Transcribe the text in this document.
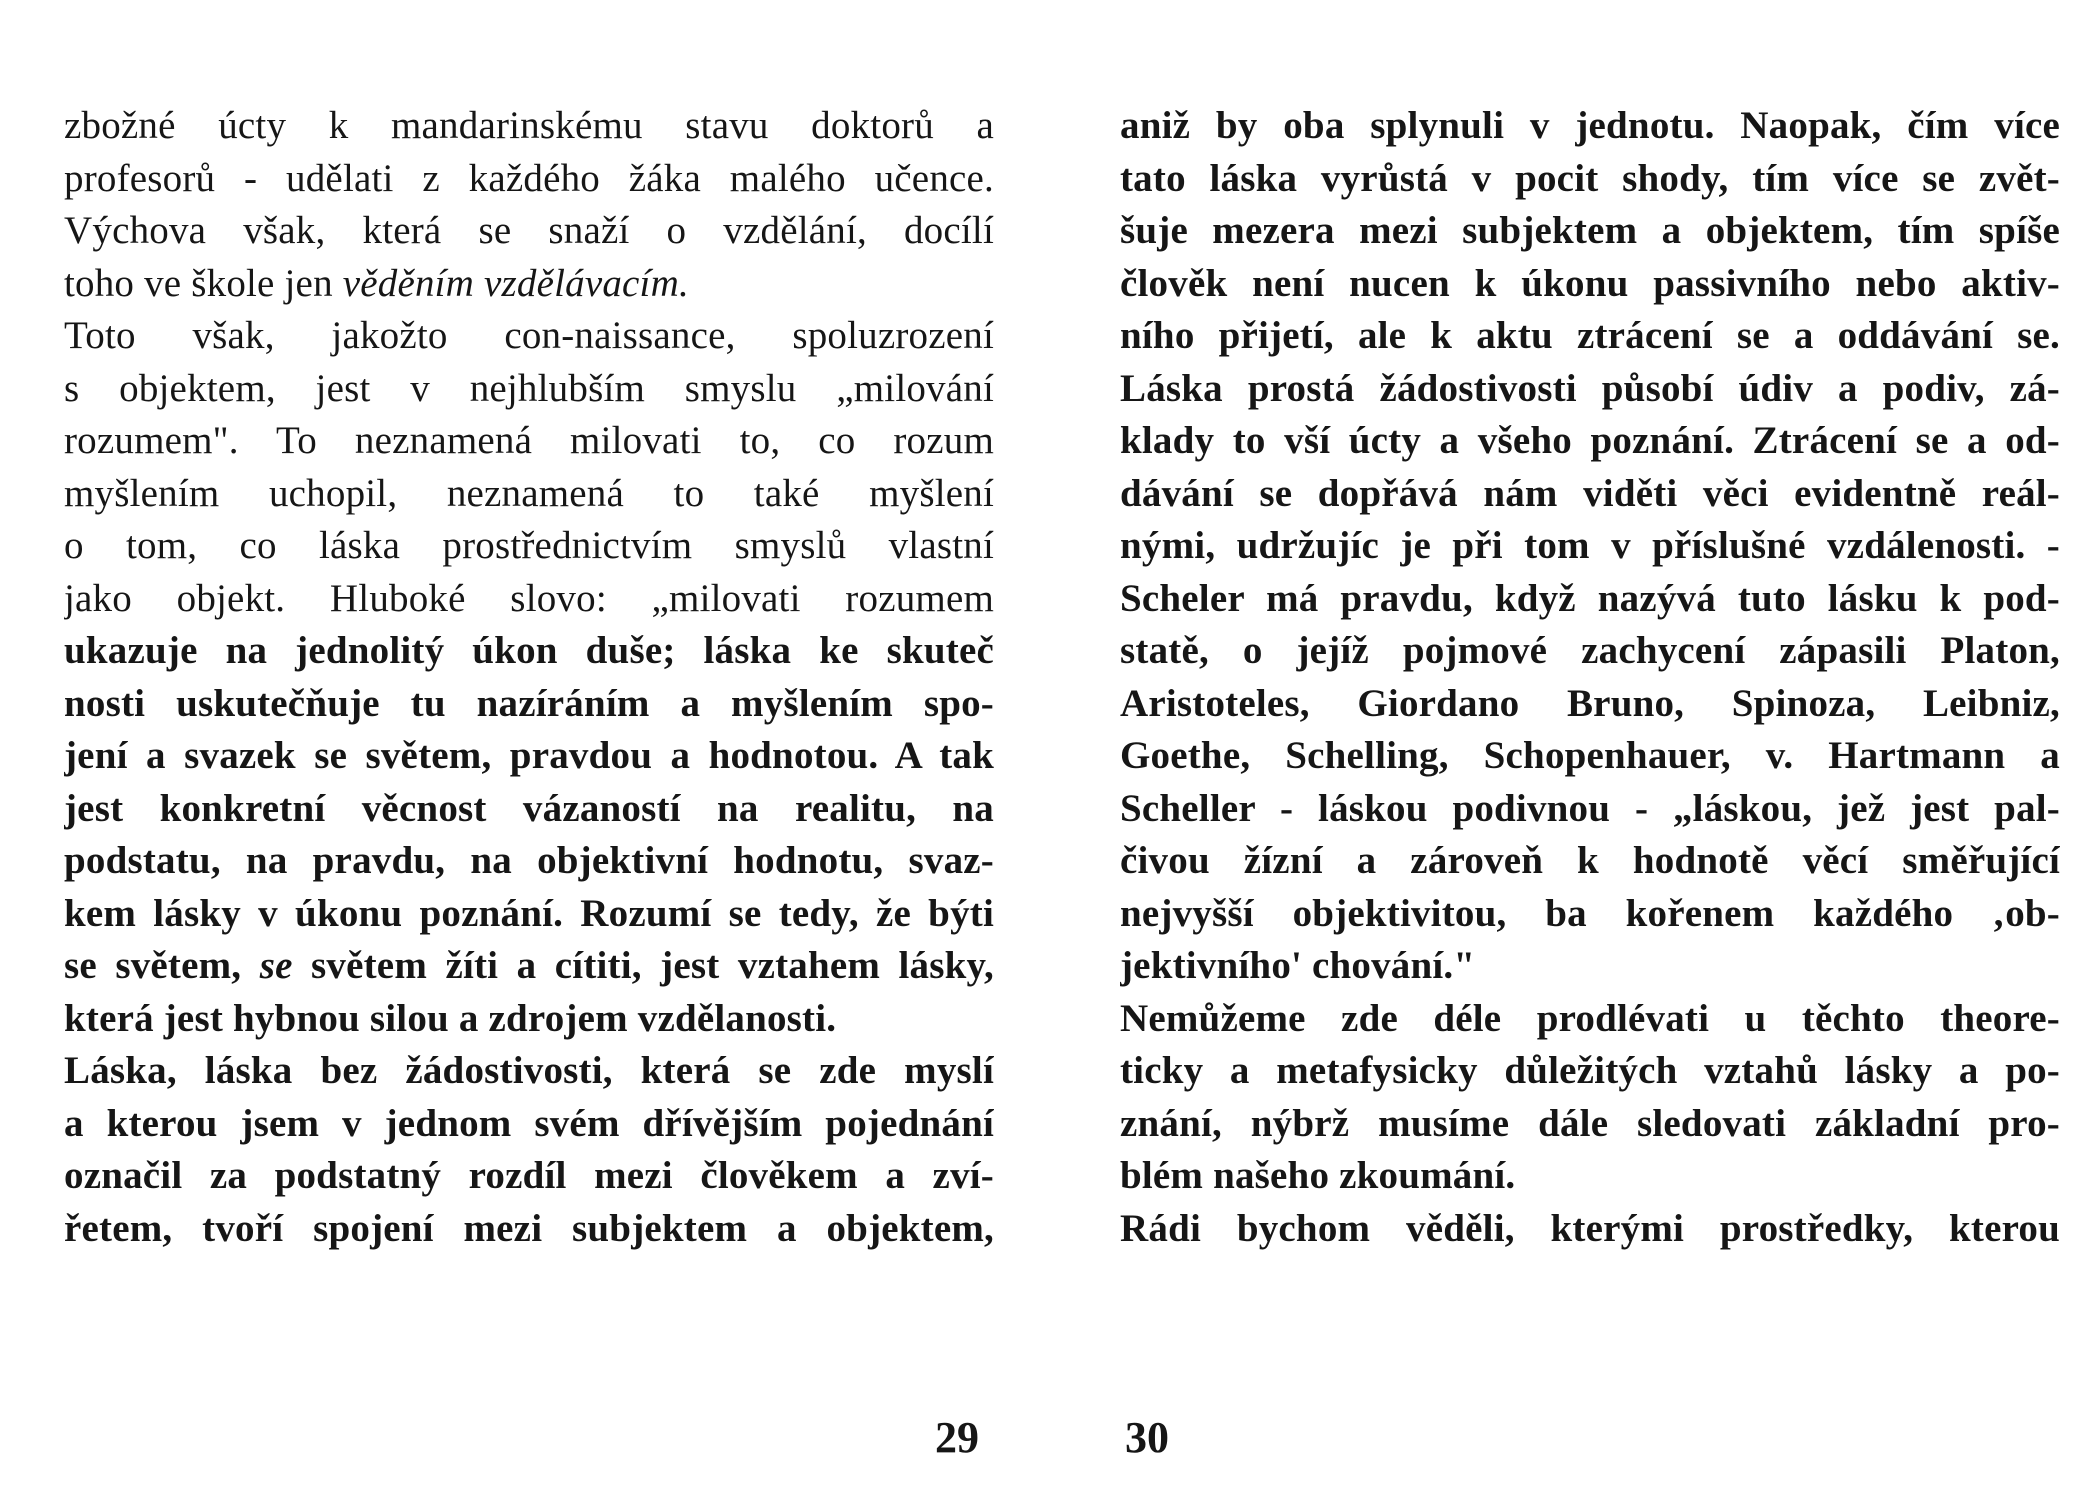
zbožné úcty k mandarinskému stavu doktorů a
profesorů - udělati z každého žáka malého učence.
Výchova však, která se snaží o vzdělání, docílí
toho ve škole jen věděním vzdělávacím.
Toto však, jakožto con-naissance, spoluzrození
s objektem, jest v nejhlubším smyslu „milování
rozumem". To neznamená milovati to, co rozum
myšlením uchopil, neznamená to také myšlení
o tom, co láska prostřednictvím smyslů vlastní
jako objekt. Hluboké slovo: „milovati rozumem
ukazuje na jednolitý úkon duše; láska ke skuteč
nosti uskutečňuje tu nazíráním a myšlením spo-
jení a svazek se světem, pravdou a hodnotou. A tak
jest konkretní věcnost vázaností na realitu, na
podstatu, na pravdu, na objektivní hodnotu, svaz-
kem lásky v úkonu poznání. Rozumí se tedy, že býti
se světem, se světem žíti a cítiti, jest vztahem lásky,
která jest hybnou silou a zdrojem vzdělanosti.
Láska, láska bez žádostivosti, která se zde myslí
a kterou jsem v jednom svém dřívějším pojednání
označil za podstatný rozdíl mezi člověkem a zví-
řetem, tvoří spojení mezi subjektem a objektem,
29
aniž by oba splynuli v jednotu. Naopak, čím více
tato láska vyrůstá v pocit shody, tím více se zvět-
šuje mezera mezi subjektem a objektem, tím spíše
člověk není nucen k úkonu passivního nebo aktiv-
ního přijetí, ale k aktu ztrácení se a oddávání se.
Láska prostá žádostivosti působí údiv a podiv, zá-
klady to vší úcty a všeho poznání. Ztrácení se a od-
dávání se dopřává nám viděti věci evidentně reál-
nými, udržujíc je při tom v příslušné vzdálenosti. -
Scheler má pravdu, když nazývá tuto lásku k pod-
statě, o jejíž pojmové zachycení zápasili Platon,
Aristoteles, Giordano Bruno, Spinoza, Leibniz,
Goethe, Schelling, Schopenhauer, v. Hartmann a
Scheller - láskou podivnou - „láskou, jež jest pal-
čivou žízní a zároveň k hodnotě věcí směřující
nejvyšší objektivitou, ba kořenem každého ‚ob-
jektivního' chování."
Nemůžeme zde déle prodlévati u těchto theore-
ticky a metafysicky důležitých vztahů lásky a po-
znání, nýbrž musíme dále sledovati základní pro-
blém našeho zkoumání.
Rádi bychom věděli, kterými prostředky, kterou
30
